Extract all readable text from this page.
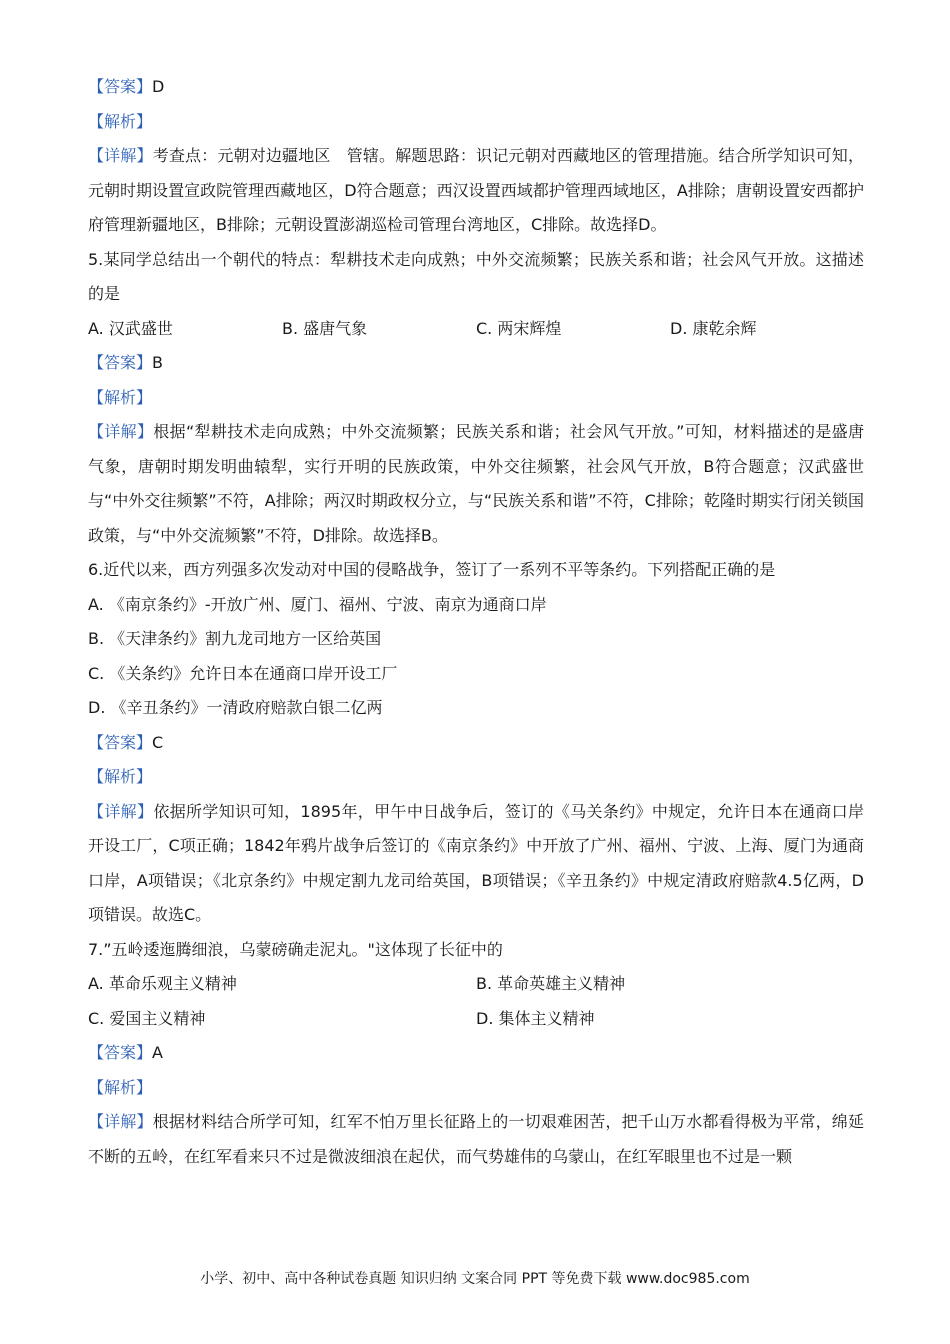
【答案】D
【解析】
【详解】考查点：元朝对边疆地区　管辖。解题思路：识记元朝对西藏地区的管理措施。结合所学知识可知，元朝时期设置宣政院管理西藏地区，D符合题意；西汉设置西域都护管理西域地区，A排除；唐朝设置安西都护府管理新疆地区，B排除；元朝设置澎湖巡检司管理台湾地区，C排除。故选择D。
5.某同学总结出一个朝代的特点：犁耕技术走向成熟；中外交流频繁；民族关系和谐；社会风气开放。这描述的是
A. 汉武盛世	B. 盛唐气象	C. 两宋辉煌	D. 康乾余辉
【答案】B
【解析】
【详解】根据“犁耕技术走向成熟；中外交流频繁；民族关系和谐；社会风气开放。”可知，材料描述的是盛唐气象，唐朝时期发明曲辕犁，实行开明的民族政策，中外交往频繁，社会风气开放，B符合题意；汉武盛世与“中外交往频繁”不符，A排除；两汉时期政权分立，与“民族关系和谐”不符，C排除；乾隆时期实行闭关锁国政策，与“中外交流频繁”不符，D排除。故选择B。
6.近代以来，西方列强多次发动对中国的侵略战争，签订了一系列不平等条约。下列搭配正确的是
A. 《南京条约》-开放广州、厦门、福州、宁波、南京为通商口岸
B. 《天津条约》割九龙司地方一区给英国
C. 《关条约》允许日本在通商口岸开设工厂
D. 《辛丑条约》一清政府赔款白银二亿两
【答案】C
【解析】
【详解】依据所学知识可知，1895年，甲午中日战争后，签订的《马关条约》中规定，允许日本在通商口岸开设工厂，C项正确；1842年鸦片战争后签订的《南京条约》中开放了广州、福州、宁波、上海、厦门为通商口岸，A项错误；《北京条约》中规定割九龙司给英国，B项错误；《辛丑条约》中规定清政府赔款4.5亿两，D项错误。故选C。
7.”五岭逶迤腾细浪，乌蒙磅确走泥丸。"这体现了长征中的
A. 革命乐观主义精神	B. 革命英雄主义精神
C. 爱国主义精神	D. 集体主义精神
【答案】A
【解析】
【详解】根据材料结合所学可知，红军不怕万里长征路上的一切艰难困苦，把千山万水都看得极为平常，绵延不断的五岭，在红军看来只不过是微波细浪在起伏，而气势雄伟的乌蒙山，在红军眼里也不过是一颗
小学、初中、高中各种试卷真题 知识归纳 文案合同 PPT 等免费下载 www.doc985.com
